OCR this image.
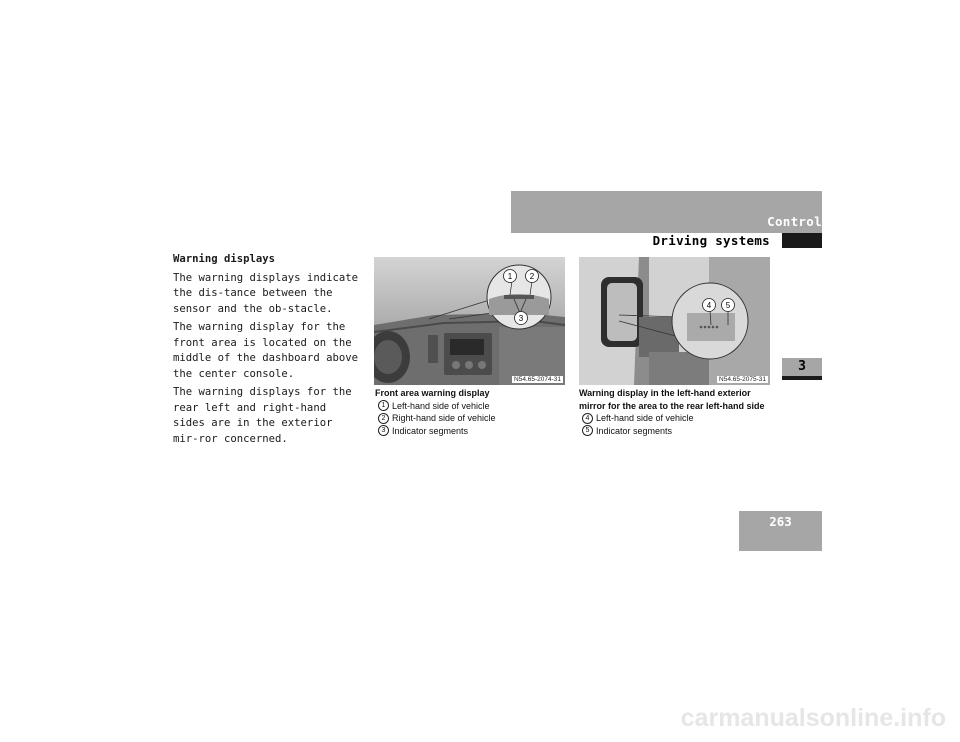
Controls in detail
Driving systems
3
263

Warning displays

The warning displays indicate the dis-tance between the sensor and the ob-stacle.

The warning display for the front area is located on the middle of the dashboard above the center console.

The warning displays for the rear left and right-hand sides are in the exterior mir-ror concerned.

1 2
3
N54.65-2074-31
Front area warning display
1 Left-hand side of vehicle
2 Right-hand side of vehicle
3 Indicator segments
4 5
N54.65-2075-31
Warning display in the left-hand exterior
mirror for the area to the rear left-hand side
4 Left-hand side of vehicle
5 Indicator segments
carmanualsonline.info
